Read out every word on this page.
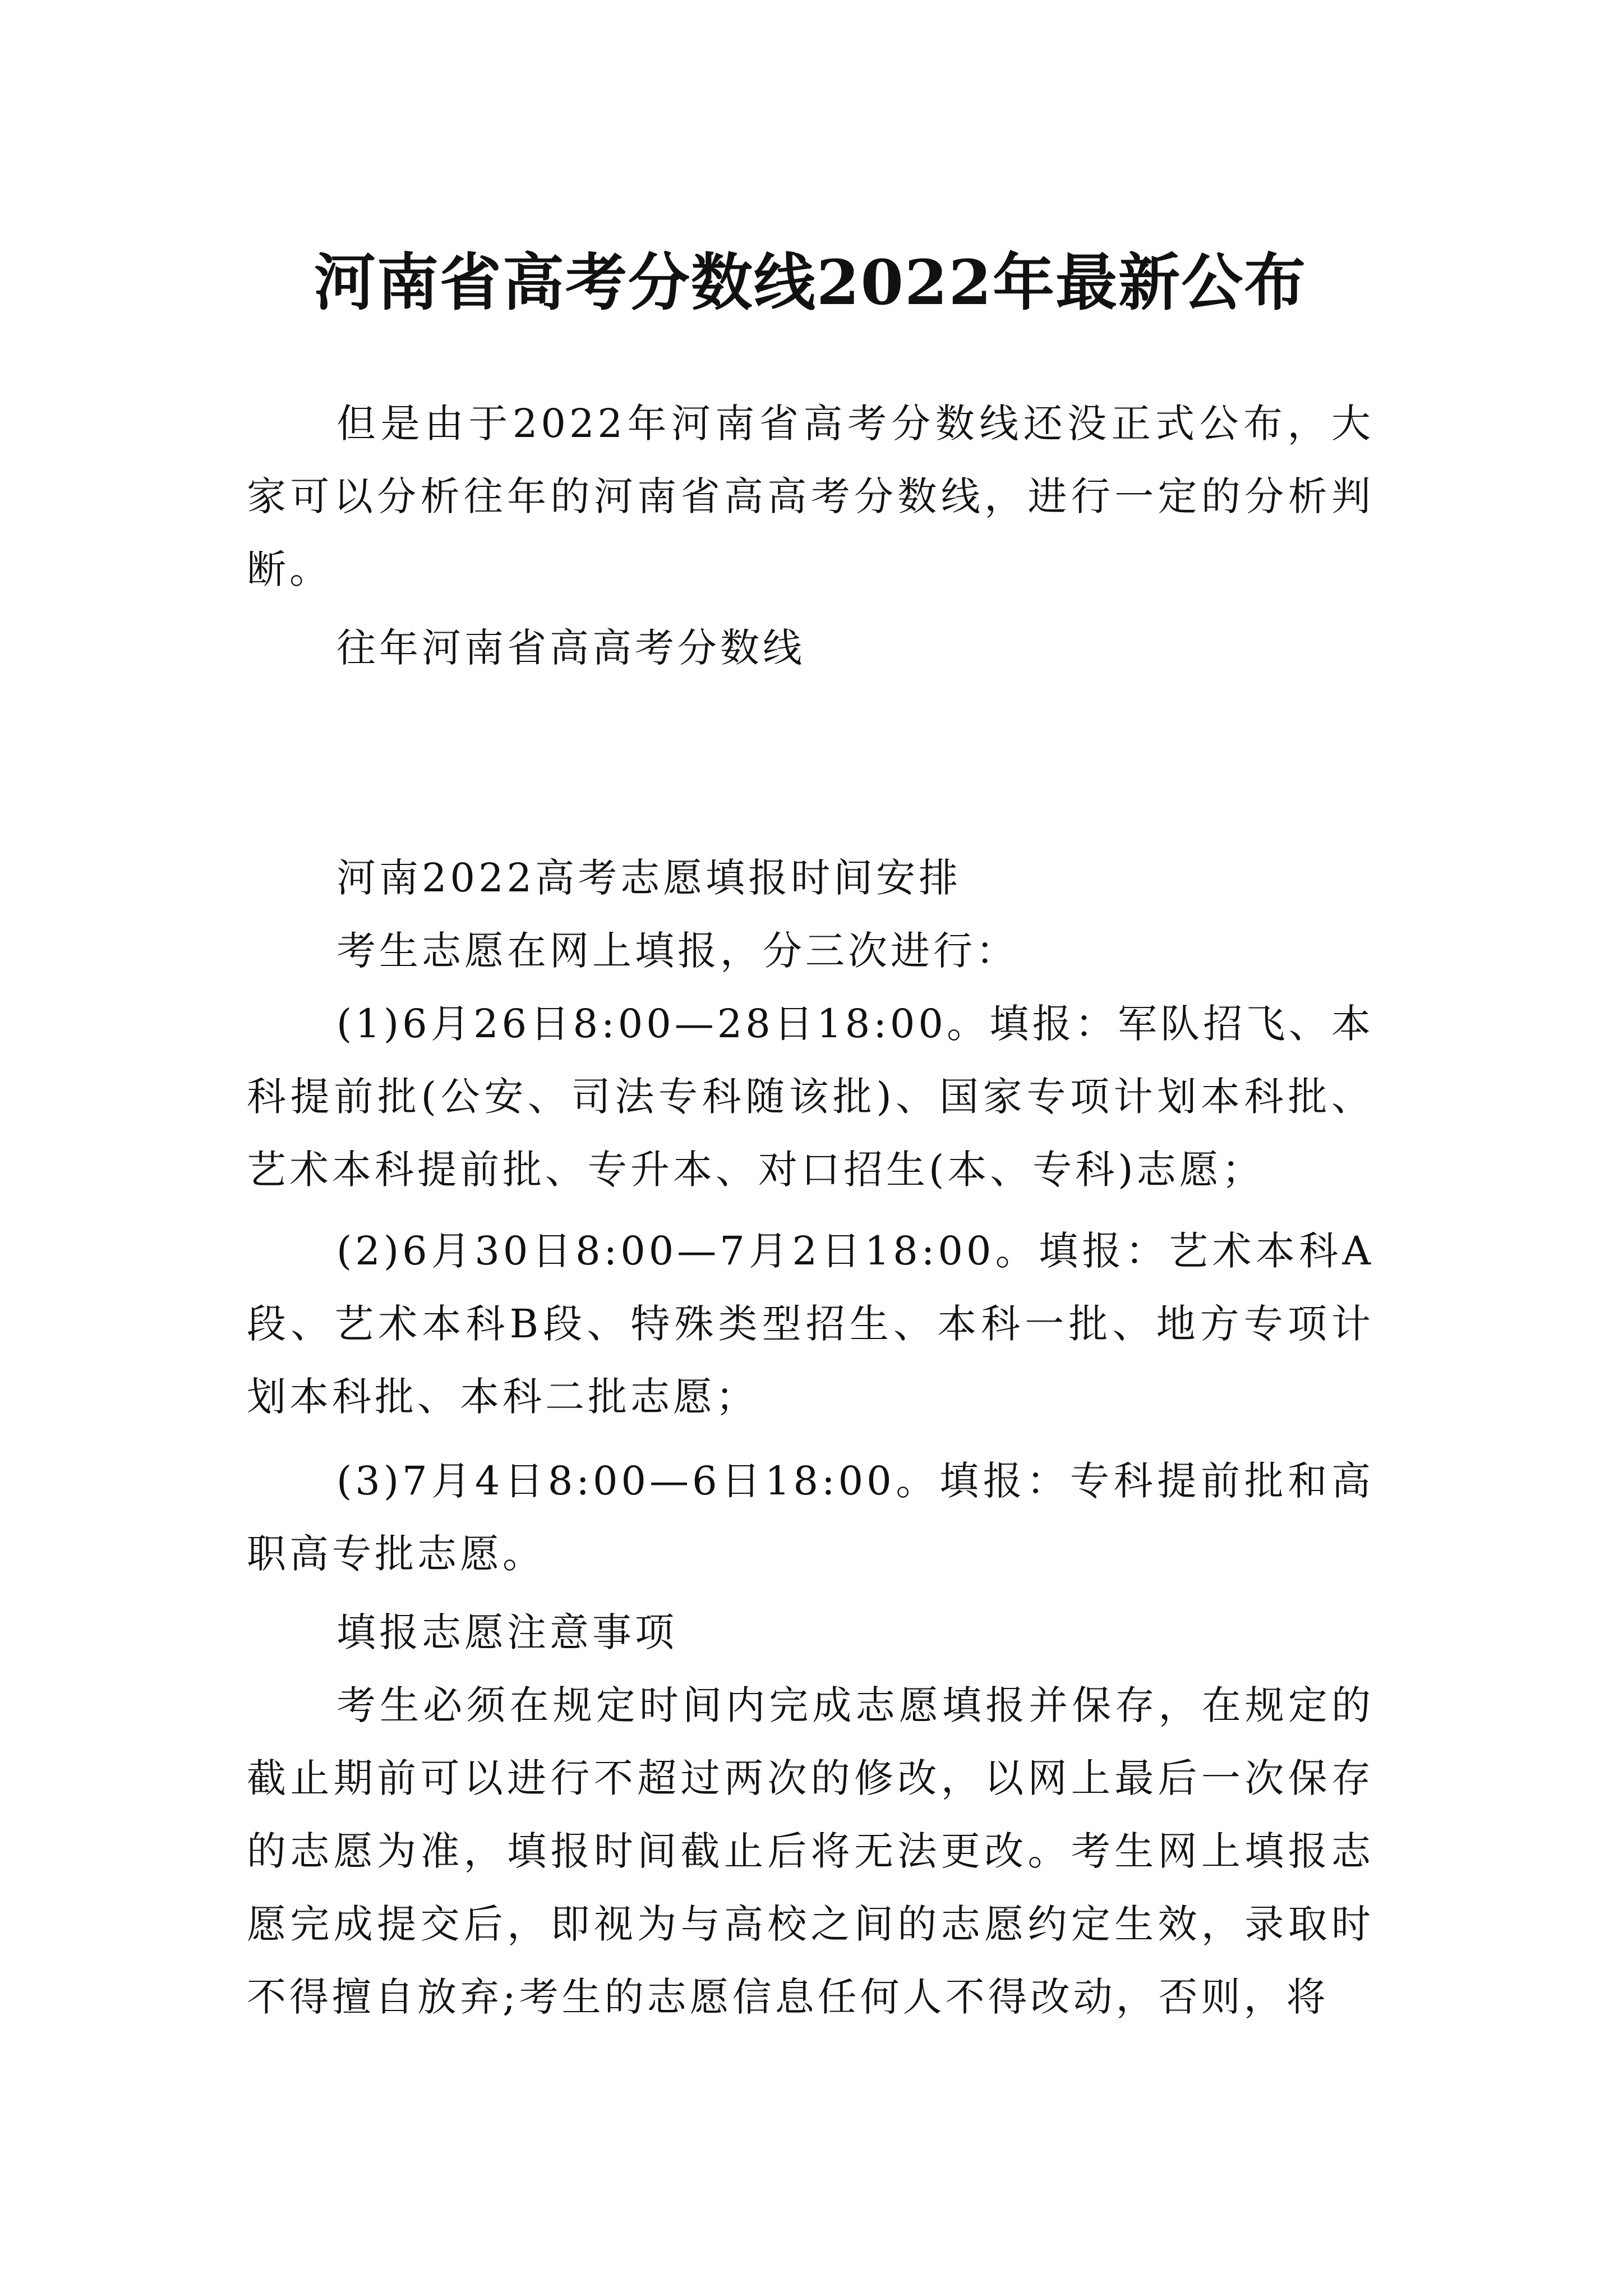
河南省高考分数线2022年最新公布

但是由于2022年河南省高考分数线还没正式公布，大家可以分析往年的河南省高高考分数线，进行一定的分析判断。

往年河南省高高考分数线

河南2022高考志愿填报时间安排

考生志愿在网上填报，分三次进行：

(1)6月26日8:00—28日18:00。填报：军队招飞、本科提前批(公安、司法专科随该批)、国家专项计划本科批、艺术本科提前批、专升本、对口招生(本、专科)志愿；

(2)6月30日8:00—7月2日18:00。填报：艺术本科A段、艺术本科B段、特殊类型招生、本科一批、地方专项计划本科批、本科二批志愿；

(3)7月4日8:00—6日18:00。填报：专科提前批和高职高专批志愿。

填报志愿注意事项

考生必须在规定时间内完成志愿填报并保存，在规定的截止期前可以进行不超过两次的修改，以网上最后一次保存的志愿为准，填报时间截止后将无法更改。考生网上填报志愿完成提交后，即视为与高校之间的志愿约定生效，录取时不得擅自放弃;考生的志愿信息任何人不得改动，否则，将
